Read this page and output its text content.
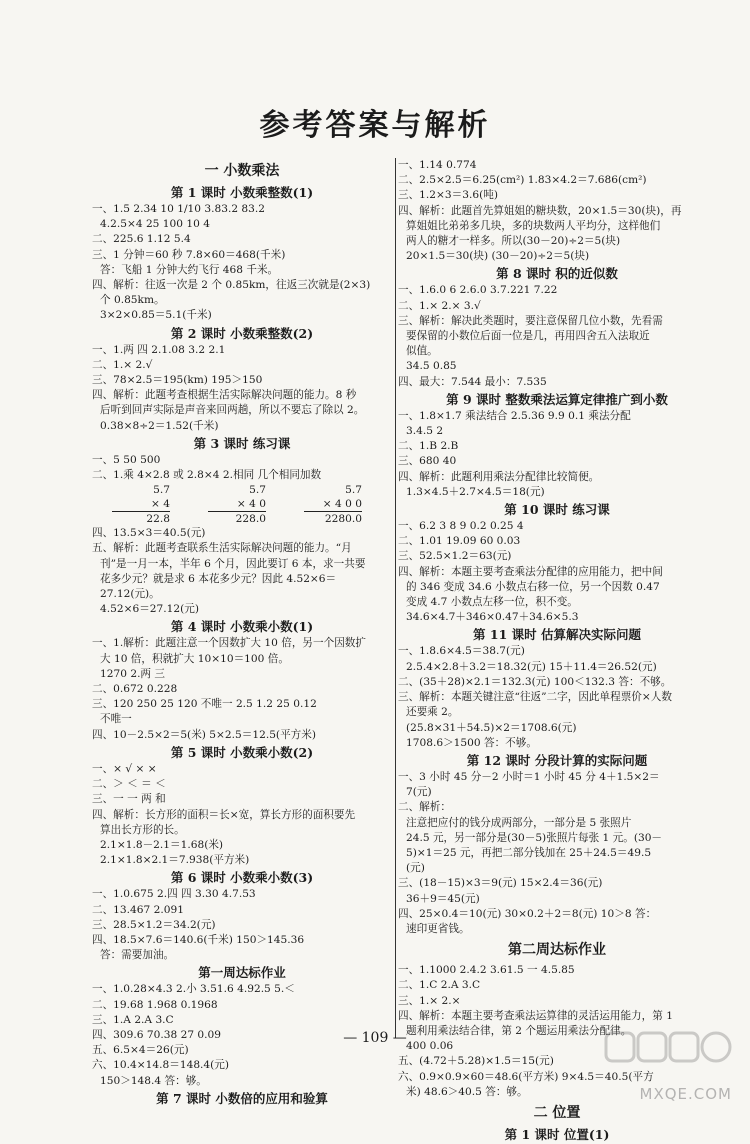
参考答案与解析
一 小数乘法
第 1 课时 小数乘整数(1)
一、1.5 2.34 10 1/10 3.83.2 83.2
4.2.5×4 25 100 10 4
二、225.6 1.12 5.4
三、1 分钟＝60 秒 7.8×60＝468(千米)
答：飞船 1 分钟大约飞行 468 千米。
四、解析：往返一次是 2 个 0.85km，往返三次就是(2×3)
个 0.85km。
3×2×0.85＝5.1(千米)
第 2 课时 小数乘整数(2)
一、1.两 四 2.1.08 3.2 2.1
二、1.× 2.√
三、78×2.5＝195(km) 195＞150
四、解析：此题考查根据生活实际解决问题的能力。8 秒
后听到回声实际是声音来回两趟，所以不要忘了除以 2。
0.38×8÷2＝1.52(千米)
第 3 课时 练习课
一、5 50 500
二、1.乘 4×2.8 或 2.8×4 2.相同 几个相同加数
5.7
× 4
22.8
5.7
× 4 0
228.0
5.7
× 4 0 0
2280.0
四、13.5×3＝40.5(元)
五、解析：此题考查联系生活实际解决问题的能力。“月
刊”是一月一本，半年 6 个月，因此要订 6 本，求一共要
花多少元？就是求 6 本花多少元？因此 4.52×6＝
27.12(元)。
4.52×6＝27.12(元)
第 4 课时 小数乘小数(1)
一、1.解析：此题注意一个因数扩大 10 倍，另一个因数扩
大 10 倍，积就扩大 10×10＝100 倍。
1270 2.两 三
二、0.672 0.228
三、120 250 25 120 不唯一 2.5 1.2 25 0.12
不唯一
四、10－2.5×2＝5(米) 5×2.5＝12.5(平方米)
第 5 课时 小数乘小数(2)
一、× √ × ×
二、＞ ＜ ＝ ＜
三、一 一 两 和
四、解析：长方形的面积＝长×宽，算长方形的面积要先
算出长方形的长。
2.1×1.8－2.1＝1.68(米)
2.1×1.8×2.1＝7.938(平方米)
第 6 课时 小数乘小数(3)
一、1.0.675 2.四 四 3.30 4.7.53
二、13.467 2.091
三、28.5×1.2＝34.2(元)
四、18.5×7.6＝140.6(千米) 150＞145.36
答：需要加油。
第一周达标作业
一、1.0.28×4.3 2.小 3.51.6 4.92.5 5.＜
二、19.68 1.968 0.1968
三、1.A 2.A 3.C
四、309.6 70.38 27 0.09
五、6.5×4＝26(元)
六、10.4×14.8＝148.4(元)
150＞148.4 答：够。
第 7 课时 小数倍的应用和验算
一、1.14 0.774
二、2.5×2.5＝6.25(cm²) 1.83×4.2＝7.686(cm²)
三、1.2×3＝3.6(吨)
四、解析：此题首先算姐姐的糖块数，20×1.5＝30(块)，再
算姐姐比弟弟多几块，多的块数两人平均分，这样他们
两人的糖才一样多。所以(30－20)÷2＝5(块)
20×1.5＝30(块) (30－20)÷2＝5(块)
第 8 课时 积的近似数
一、1.6.0 6 2.6.0 3.7.221 7.22
二、1.× 2.× 3.√
三、解析：解决此类题时，要注意保留几位小数，先看需
要保留的小数位后面一位是几，再用四舍五入法取近
似值。
34.5 0.85
四、最大：7.544 最小：7.535
第 9 课时 整数乘法运算定律推广到小数
一、1.8×1.7 乘法结合 2.5.36 9.9 0.1 乘法分配
3.4.5 2
二、1.B 2.B
三、680 40
四、解析：此题利用乘法分配律比较简便。
1.3×4.5＋2.7×4.5＝18(元)
第 10 课时 练习课
一、6.2 3 8 9 0.2 0.25 4
二、1.01 19.09 60 0.03
三、52.5×1.2＝63(元)
四、解析：本题主要考查乘法分配律的应用能力，把中间
的 346 变成 34.6 小数点右移一位，另一个因数 0.47
变成 4.7 小数点左移一位，积不变。
34.6×4.7＋346×0.47＋34.6×5.3
第 11 课时 估算解决实际问题
一、1.8.6×4.5＝38.7(元)
2.5.4×2.8＋3.2＝18.32(元) 15＋11.4＝26.52(元)
二、(35＋28)×2.1＝132.3(元) 100＜132.3 答：不够。
三、解析：本题关键注意“往返”二字，因此单程票价×人数
还要乘 2。
(25.8×31＋54.5)×2＝1708.6(元)
1708.6＞1500 答：不够。
第 12 课时 分段计算的实际问题
一、3 小时 45 分－2 小时＝1 小时 45 分 4＋1.5×2＝
7(元)
二、解析：
注意把应付的钱分成两部分，一部分是 5 张照片
24.5 元，另一部分是(30－5)张照片每张 1 元。(30－
5)×1＝25 元，再把二部分钱加在 25＋24.5＝49.5
(元)
三、(18－15)×3＝9(元) 15×2.4＝36(元)
36＋9＝45(元)
四、25×0.4＝10(元) 30×0.2＋2＝8(元) 10＞8 答：
速印更省钱。
第二周达标作业
一、1.1000 2.4.2 3.61.5 一 4.5.85
二、1.C 2.A 3.C
三、1.× 2.×
四、解析：本题主要考查乘法运算律的灵活运用能力，第 1
题利用乘法结合律，第 2 个题运用乘法分配律。
400 0.06
五、(4.72＋5.28)×1.5＝15(元)
六、0.9×0.9×60＝48.6(平方米) 9×4.5＝40.5(平方
米) 48.6＞40.5 答：够。
二 位置
第 1 课时 位置(1)
— 109 —
MXQE.COM
